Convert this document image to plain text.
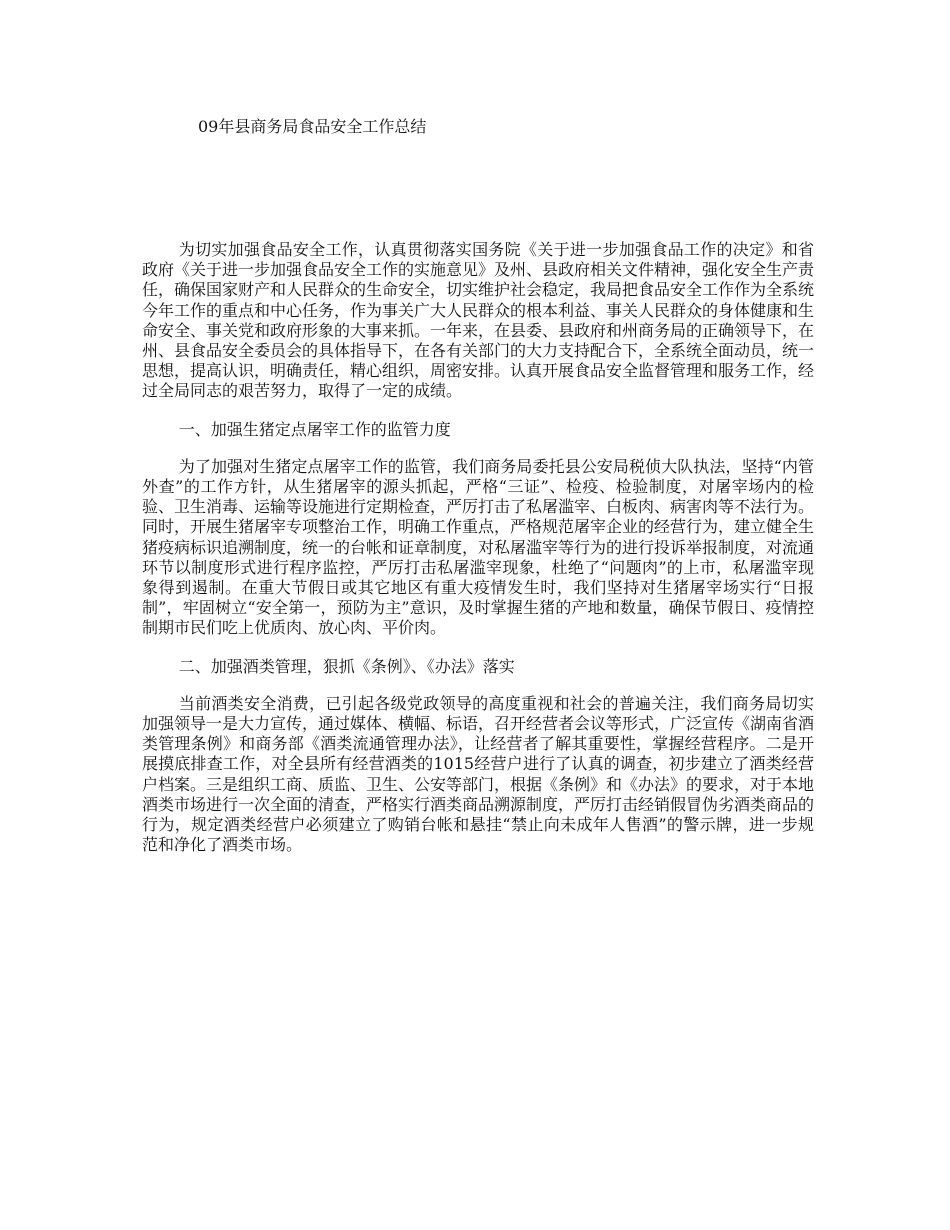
09年县商务局食品安全工作总结

为切实加强食品安全工作，认真贯彻落实国务院《关于进一步加强食品工作的决定》和省政府《关于进一步加强食品安全工作的实施意见》及州、县政府相关文件精神，强化安全生产责任，确保国家财产和人民群众的生命安全，切实维护社会稳定，我局把食品安全工作作为全系统今年工作的重点和中心任务，作为事关广大人民群众的根本利益、事关人民群众的身体健康和生命安全、事关党和政府形象的大事来抓。一年来，在县委、县政府和州商务局的正确领导下，在州、县食品安全委员会的具体指导下，在各有关部门的大力支持配合下，全系统全面动员，统一思想，提高认识，明确责任，精心组织，周密安排。认真开展食品安全监督管理和服务工作，经过全局同志的艰苦努力，取得了一定的成绩。

一、加强生猪定点屠宰工作的监管力度

为了加强对生猪定点屠宰工作的监管，我们商务局委托县公安局税侦大队执法，坚持“内管外查”的工作方针，从生猪屠宰的源头抓起，严格“三证”、检疫、检验制度，对屠宰场内的检验、卫生消毒、运输等设施进行定期检查，严厉打击了私屠滥宰、白板肉、病害肉等不法行为。同时，开展生猪屠宰专项整治工作，明确工作重点，严格规范屠宰企业的经营行为，建立健全生猪疫病标识追溯制度，统一的台帐和证章制度，对私屠滥宰等行为的进行投诉举报制度，对流通环节以制度形式进行程序监控，严厉打击私屠滥宰现象，杜绝了“问题肉”的上市，私屠滥宰现象得到遏制。在重大节假日或其它地区有重大疫情发生时，我们坚持对生猪屠宰场实行“日报制”，牢固树立“安全第一，预防为主”意识，及时掌握生猪的产地和数量，确保节假日、疫情控制期市民们吃上优质肉、放心肉、平价肉。

二、加强酒类管理，狠抓《条例》、《办法》落实

当前酒类安全消费，已引起各级党政领导的高度重视和社会的普遍关注，我们商务局切实加强领导一是大力宣传，通过媒体、横幅、标语，召开经营者会议等形式，广泛宣传《湖南省酒类管理条例》和商务部《酒类流通管理办法》，让经营者了解其重要性，掌握经营程序。二是开展摸底排查工作，对全县所有经营酒类的1015经营户进行了认真的调查，初步建立了酒类经营户档案。三是组织工商、质监、卫生、公安等部门，根据《条例》和《办法》的要求，对于本地酒类市场进行一次全面的清查，严格实行酒类商品溯源制度，严厉打击经销假冒伪劣酒类商品的行为，规定酒类经营户必须建立了购销台帐和悬挂“禁止向未成年人售酒”的警示牌，进一步规范和净化了酒类市场。
